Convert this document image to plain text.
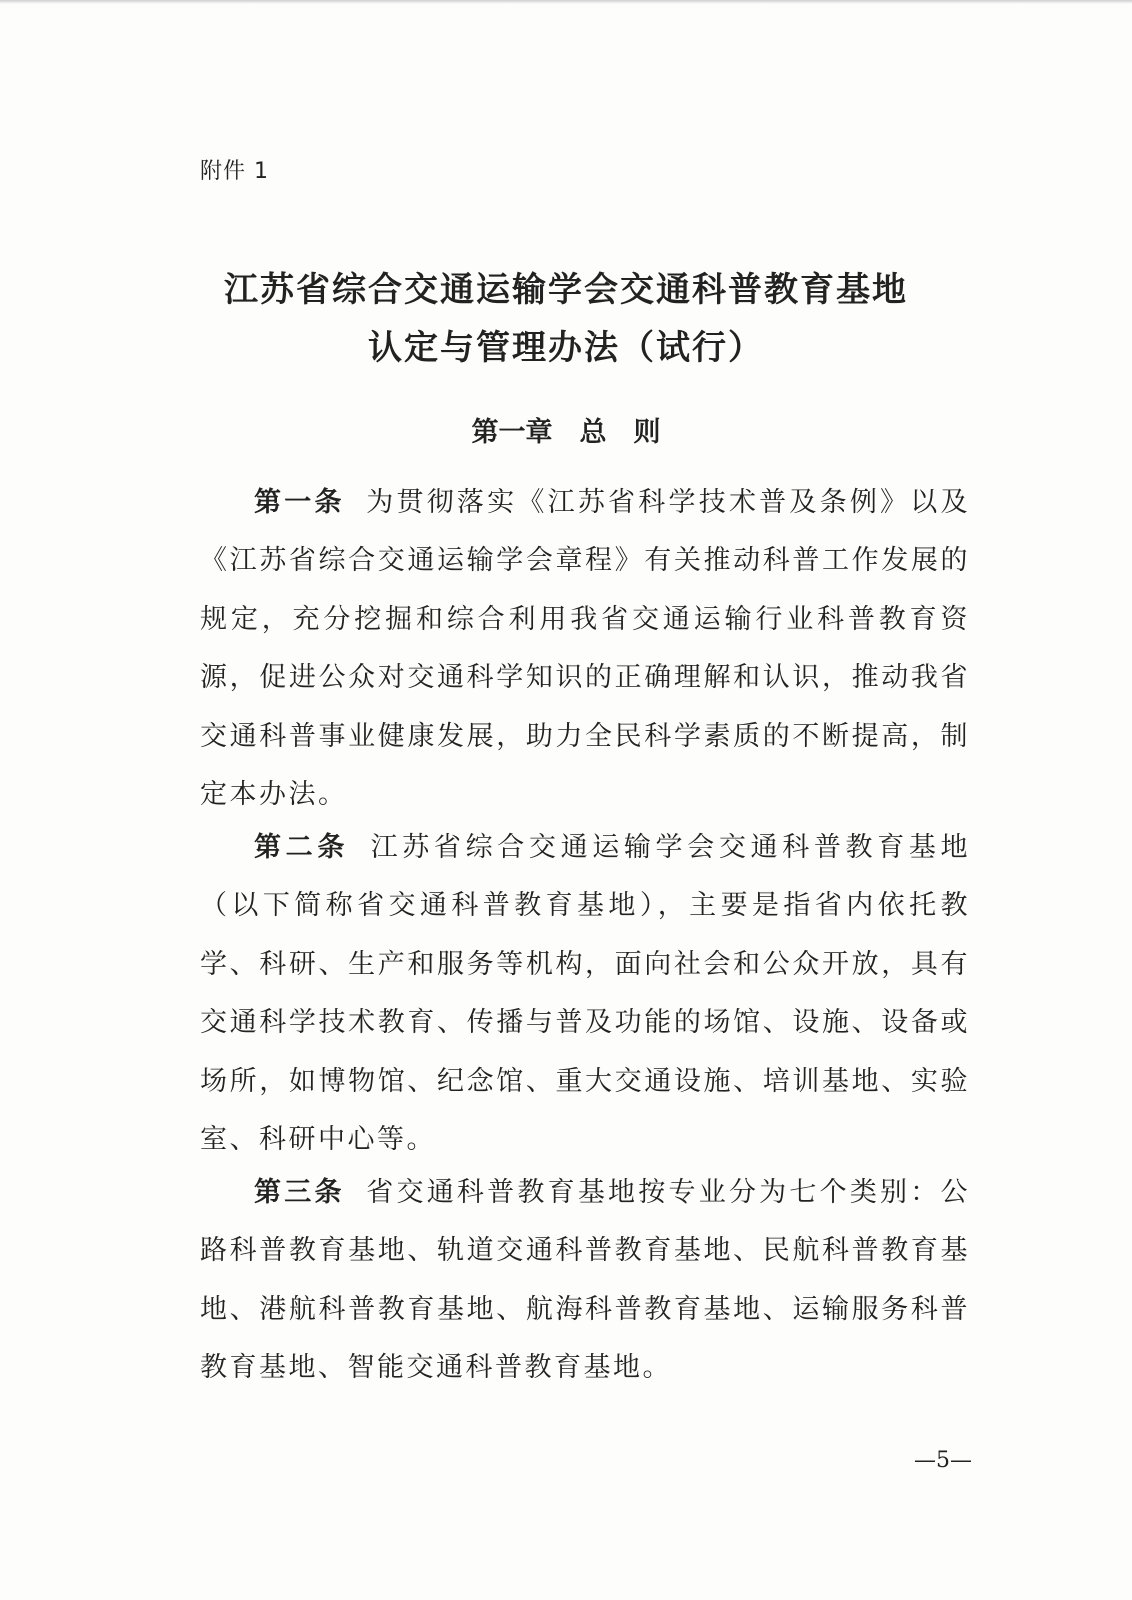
附件 1
江苏省综合交通运输学会交通科普教育基地
认定与管理办法（试行）
第一章　总　则

第一条 为贯彻落实《江苏省科学技术普及条例》以及《江苏省综合交通运输学会章程》有关推动科普工作发展的规定，充分挖掘和综合利用我省交通运输行业科普教育资源，促进公众对交通科学知识的正确理解和认识，推动我省交通科普事业健康发展，助力全民科学素质的不断提高，制定本办法。

第二条 江苏省综合交通运输学会交通科普教育基地（以下简称省交通科普教育基地），主要是指省内依托教学、科研、生产和服务等机构，面向社会和公众开放，具有交通科学技术教育、传播与普及功能的场馆、设施、设备或场所，如博物馆、纪念馆、重大交通设施、培训基地、实验室、科研中心等。

第三条 省交通科普教育基地按专业分为七个类别：公路科普教育基地、轨道交通科普教育基地、民航科普教育基地、港航科普教育基地、航海科普教育基地、运输服务科普教育基地、智能交通科普教育基地。

—5—
